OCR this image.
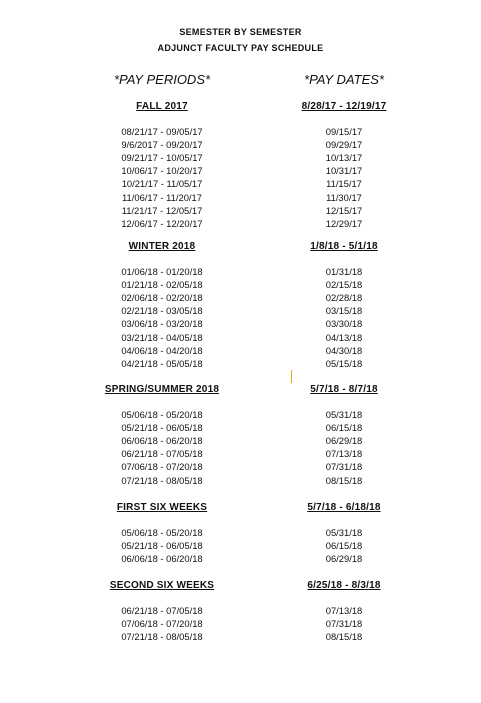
SEMESTER BY SEMESTER
ADJUNCT FACULTY PAY SCHEDULE
*PAY PERIODS*	*PAY DATES*
FALL 2017	8/28/17 - 12/19/17
08/21/17 - 09/05/17	09/15/17
9/6/2017 - 09/20/17	09/29/17
09/21/17 - 10/05/17	10/13/17
10/06/17 - 10/20/17	10/31/17
10/21/17 - 11/05/17	11/15/17
11/06/17 - 11/20/17	11/30/17
11/21/17 - 12/05/17	12/15/17
12/06/17 - 12/20/17	12/29/17
WINTER 2018	1/8/18 - 5/1/18
01/06/18 - 01/20/18	01/31/18
01/21/18 - 02/05/18	02/15/18
02/06/18 - 02/20/18	02/28/18
02/21/18 - 03/05/18	03/15/18
03/06/18 - 03/20/18	03/30/18
03/21/18 - 04/05/18	04/13/18
04/06/18 - 04/20/18	04/30/18
04/21/18 - 05/05/18	05/15/18
SPRING/SUMMER 2018	5/7/18 - 8/7/18
05/06/18 - 05/20/18	05/31/18
05/21/18 - 06/05/18	06/15/18
06/06/18 - 06/20/18	06/29/18
06/21/18 - 07/05/18	07/13/18
07/06/18 - 07/20/18	07/31/18
07/21/18 - 08/05/18	08/15/18
FIRST SIX WEEKS	5/7/18 - 6/18/18
05/06/18 - 05/20/18	05/31/18
05/21/18 - 06/05/18	06/15/18
06/06/18 - 06/20/18	06/29/18
SECOND SIX WEEKS	6/25/18 - 8/3/18
06/21/18 - 07/05/18	07/13/18
07/06/18 - 07/20/18	07/31/18
07/21/18 - 08/05/18	08/15/18
